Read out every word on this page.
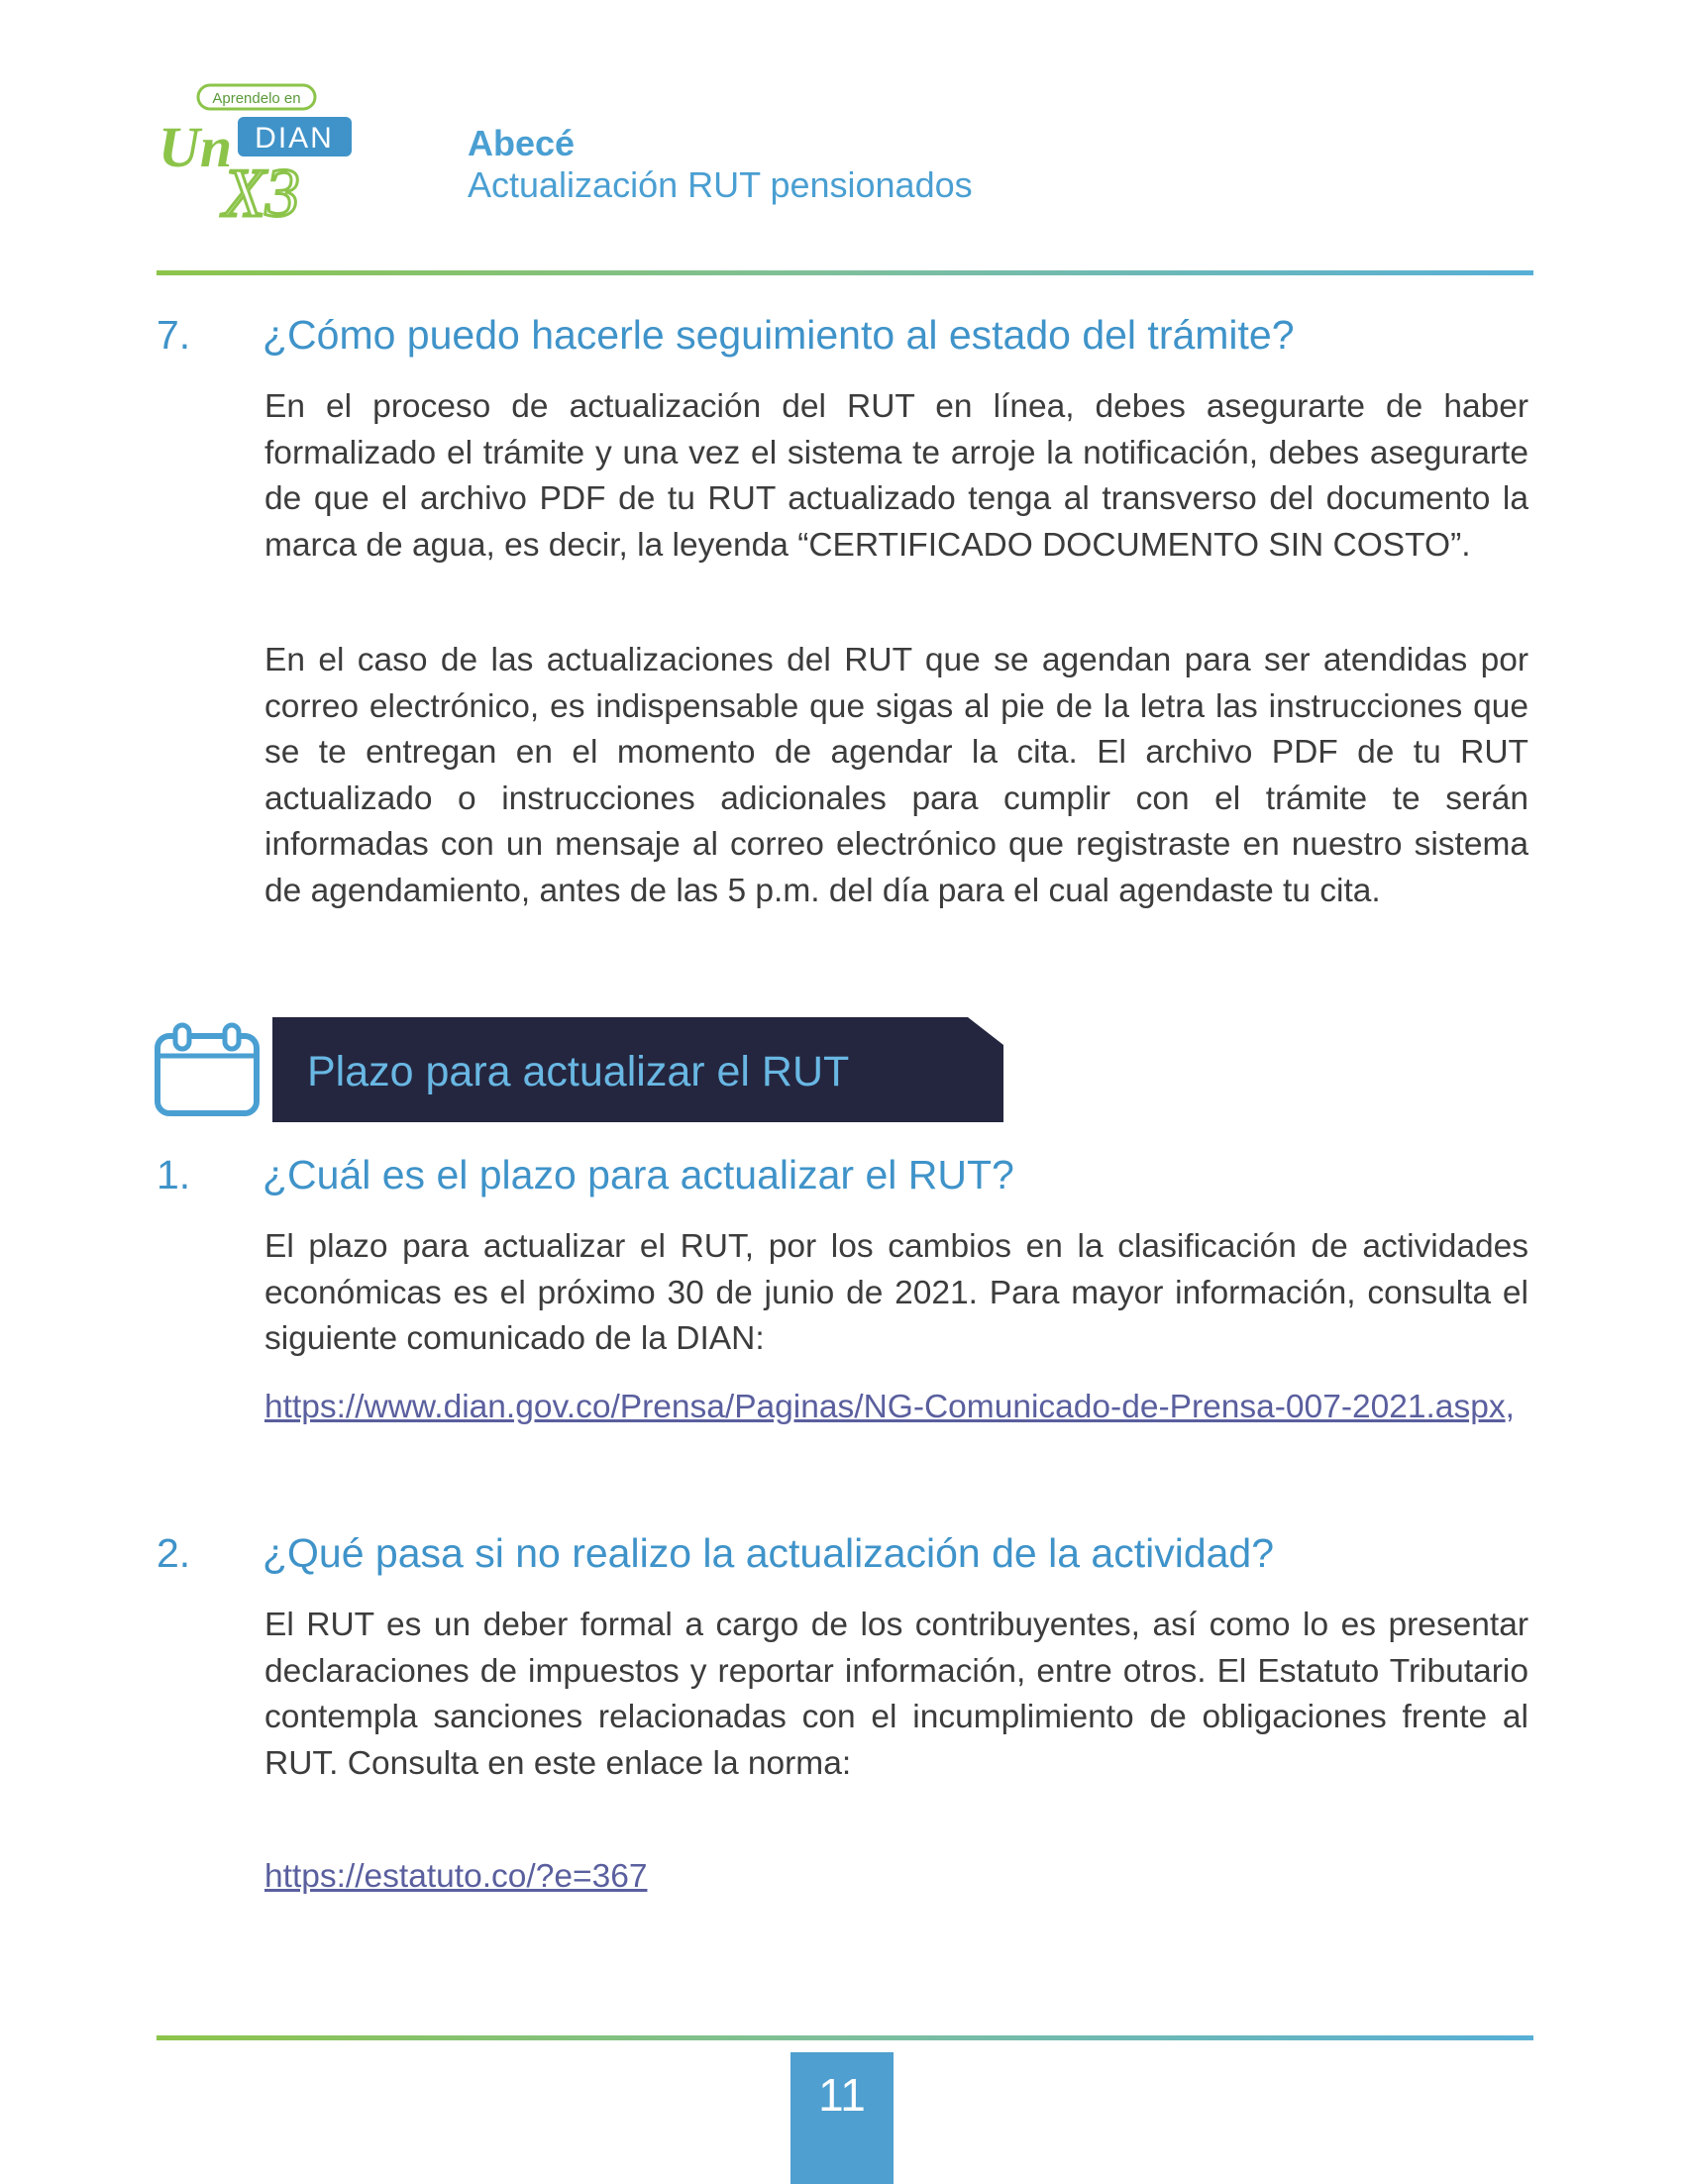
Aprendelo en
Un DIAN
X3
Abecé
Actualización RUT pensionados
7. ¿Cómo puedo hacerle seguimiento al estado del trámite?

En el proceso de actualización del RUT en línea, debes asegurarte de haber formalizado el trámite y una vez el sistema te arroje la notificación, debes asegurarte de que el archivo PDF de tu RUT actualizado tenga al transverso del documento la marca de agua, es decir, la leyenda “CERTIFICADO DOCUMENTO SIN COSTO”.

En el caso de las actualizaciones del RUT que se agendan para ser atendidas por correo electrónico, es indispensable que sigas al pie de la letra las instrucciones que se te entregan en el momento de agendar la cita. El archivo PDF de tu RUT actualizado o instrucciones adicionales para cumplir con el trámite te serán informadas con un mensaje al correo electrónico que registraste en nuestro sistema de agendamiento, antes de las 5 p.m. del día para el cual agendaste tu cita.

Plazo para actualizar el RUT
1. ¿Cuál es el plazo para actualizar el RUT?

El plazo para actualizar el RUT, por los cambios en la clasificación de actividades económicas es el próximo 30 de junio de 2021. Para mayor información, consulta el siguiente comunicado de la DIAN:

https://www.dian.gov.co/Prensa/Paginas/NG-Comunicado-de-Prensa-007-2021.aspx,
2. ¿Qué pasa si no realizo la actualización de la actividad?

El RUT es un deber formal a cargo de los contribuyentes, así como lo es presentar declaraciones de impuestos y reportar información, entre otros. El Estatuto Tributario contempla sanciones relacionadas con el incumplimiento de obligaciones frente al RUT. Consulta en este enlace la norma:

https://estatuto.co/?e=367
11
